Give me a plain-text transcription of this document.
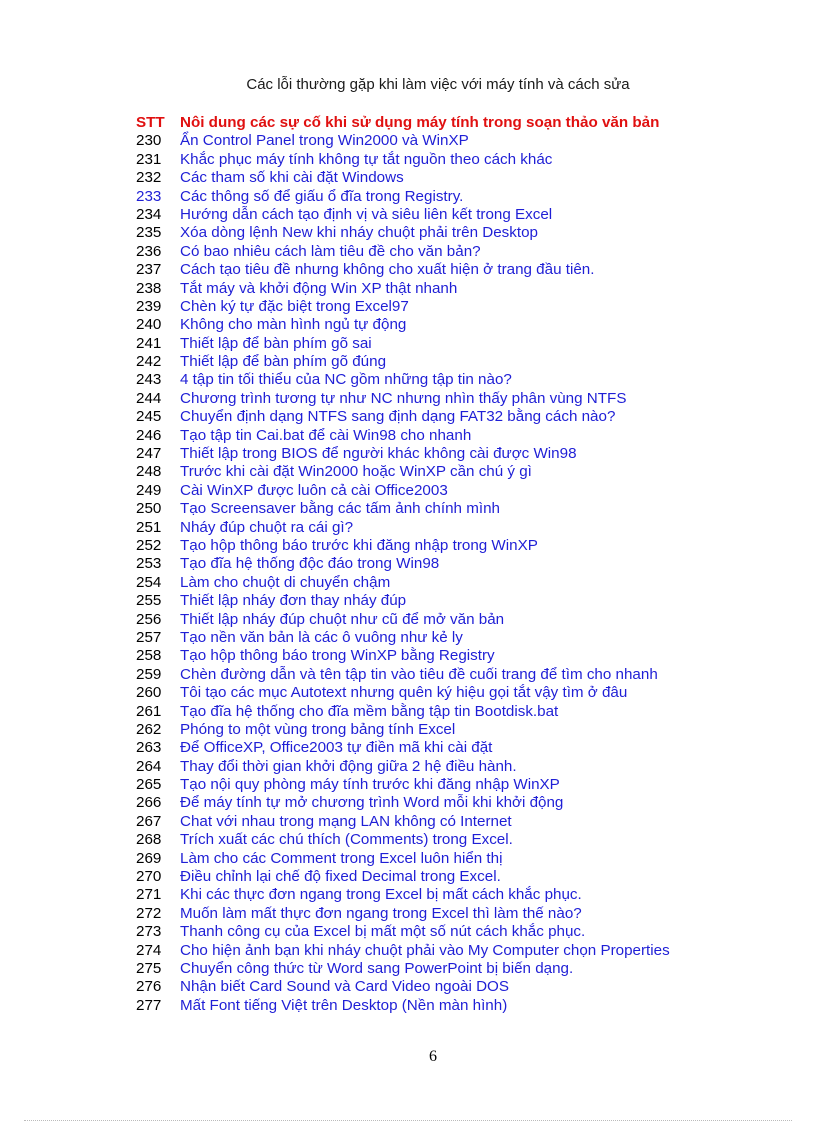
Các lỗi thường gặp khi làm việc với máy tính và cách sửa
STT	Nôi dung các sự cố khi sử dụng máy tính trong soạn thảo văn bản
230	Ẩn Control Panel trong Win2000 và WinXP
231	Khắc phục máy tính không tự tắt nguồn theo cách khác
232	Các tham số khi cài đặt Windows
233	Các thông số để giấu ổ đĩa trong Registry.
234	Hướng dẫn cách tạo định vị và siêu liên kết trong Excel
235	Xóa dòng lệnh New khi nháy chuột phải trên Desktop
236	Có bao nhiêu cách làm tiêu đề cho văn bản?
237	Cách tạo tiêu đề nhưng không cho xuất hiện ở trang đầu tiên.
238	Tắt máy và khởi động Win XP thật nhanh
239	Chèn ký tự đặc biệt trong Excel97
240	Không cho màn hình ngủ tự động
241	Thiết lập để bàn phím gõ sai
242	Thiết lập để bàn phím gõ đúng
243	4 tập tin tối thiểu của NC gồm những tập tin nào?
244	Chương trình tương tự như NC nhưng nhìn thấy phân vùng NTFS
245	Chuyển định dạng NTFS sang định dạng FAT32 bằng cách nào?
246	Tạo tập tin Cai.bat để cài Win98 cho nhanh
247	Thiết lập trong BIOS để người khác không cài được Win98
248	Trước khi cài đặt Win2000 hoặc WinXP cần chú ý gì
249	Cài WinXP được luôn cả cài Office2003
250	Tạo Screensaver bằng các tấm ảnh chính mình
251	Nháy đúp chuột ra cái gì?
252	Tạo hộp thông báo trước khi đăng nhập trong WinXP
253	Tạo đĩa hệ thống độc đáo trong Win98
254	Làm cho chuột di chuyển chậm
255	Thiết lập nháy đơn thay nháy đúp
256	Thiết lập nháy đúp chuột như cũ để mở văn bản
257	Tạo nền văn bản là các ô vuông như kẻ ly
258	Tạo hộp thông báo trong WinXP bằng Registry
259	Chèn đường dẫn và tên tập tin vào tiêu đề cuối trang để tìm cho nhanh
260	Tôi tạo các mục Autotext nhưng quên ký hiệu gọi tắt vậy tìm ở đâu
261	Tạo đĩa hệ thống cho đĩa mềm bằng tập tin Bootdisk.bat
262	Phóng to một vùng trong bảng tính Excel
263	Để OfficeXP, Office2003 tự điền mã khi cài đặt
264	Thay đổi thời gian khởi động giữa 2 hệ điều hành.
265	Tạo nội quy phòng máy tính trước khi đăng nhập WinXP
266	Để máy tính tự mở chương trình Word mỗi khi khởi động
267	Chat với nhau trong mạng LAN không có Internet
268	Trích xuất các chú thích (Comments) trong Excel.
269	Làm cho các Comment trong Excel luôn hiển thị
270	Điều chỉnh lại chế độ fixed Decimal trong Excel.
271	Khi các thực đơn ngang trong Excel bị mất cách khắc phục.
272	Muốn làm mất thực đơn ngang trong Excel thì làm thế nào?
273	Thanh công cụ của Excel bị mất một số nút cách khắc phục.
274	Cho hiện ảnh bạn khi nháy chuột phải vào My Computer chọn Properties
275	Chuyển công thức từ Word sang PowerPoint bị biến dạng.
276	Nhận biết Card Sound và Card Video ngoài DOS
277	Mất Font tiếng Việt trên Desktop (Nền màn hình)
6
